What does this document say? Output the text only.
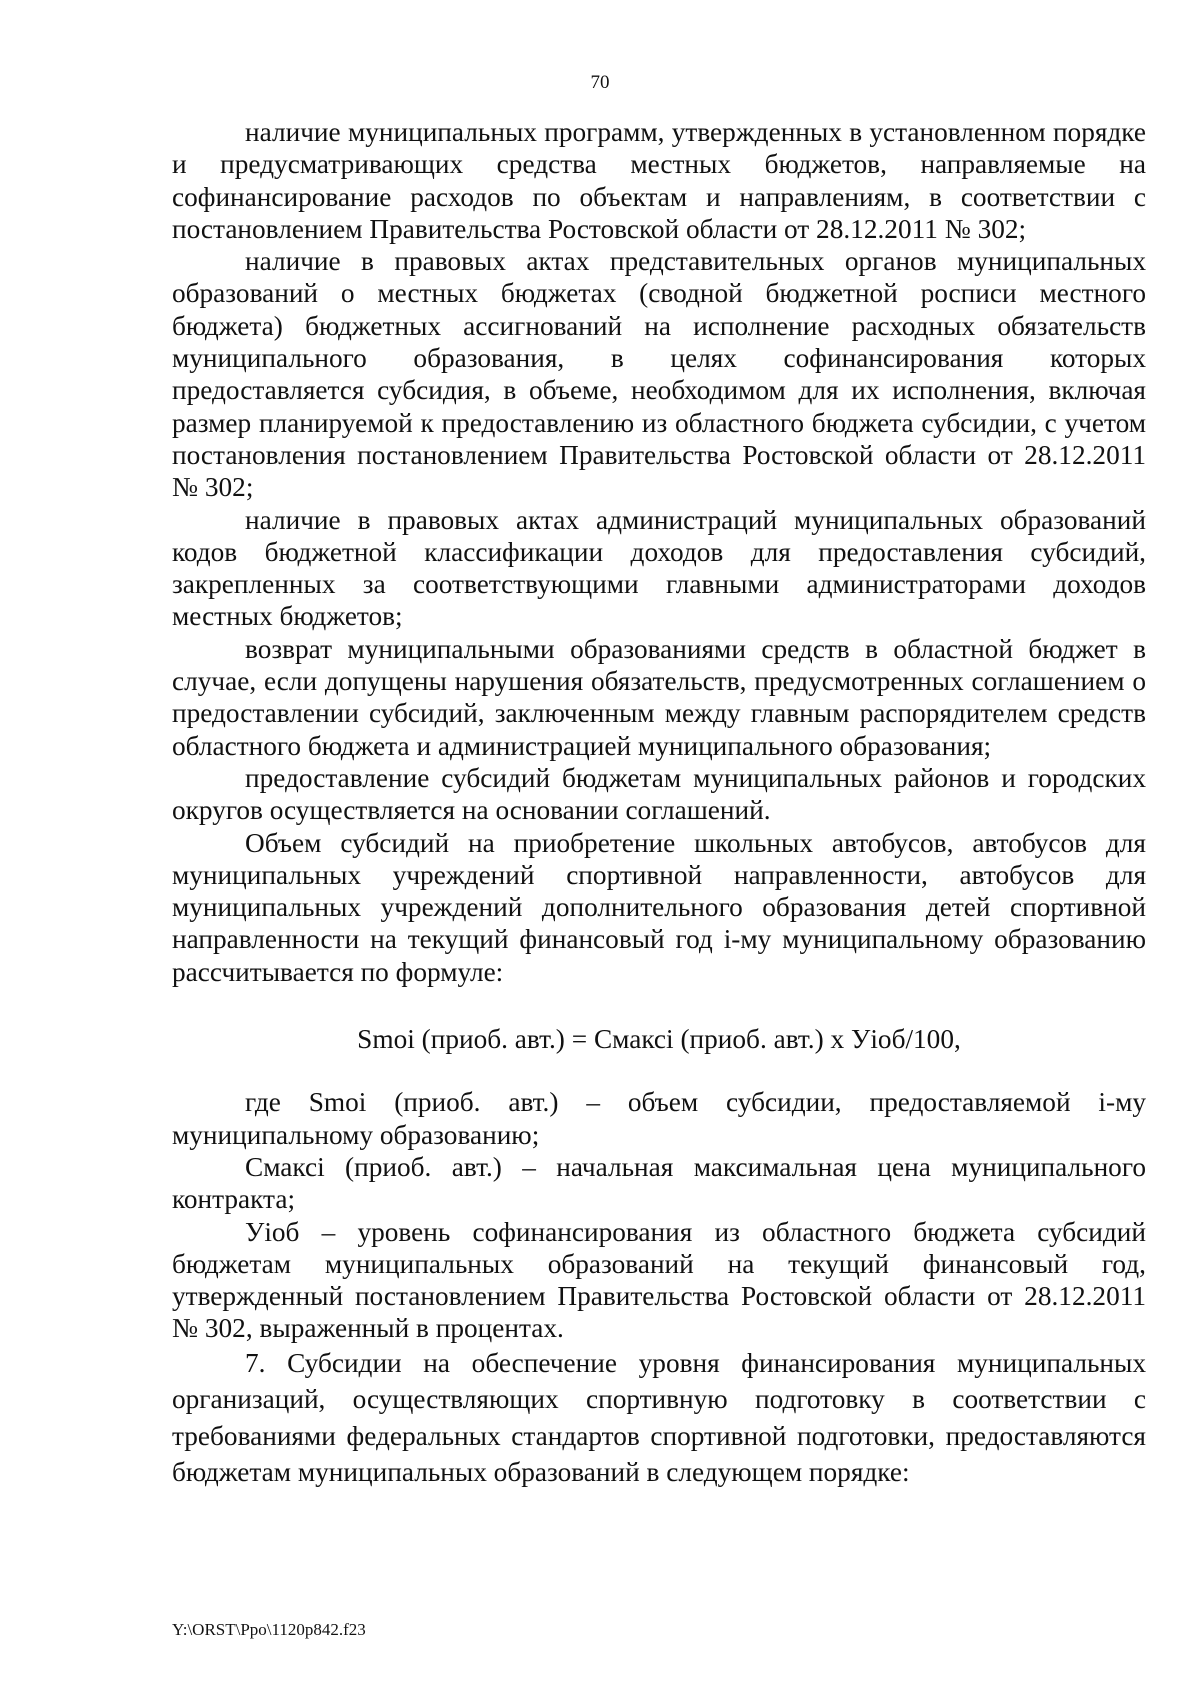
70

наличие муниципальных программ, утвержденных в установленном порядке и предусматривающих средства местных бюджетов, направляемые на софинансирование расходов по объектам и направлениям, в соответствии с постановлением Правительства Ростовской области от 28.12.2011 № 302;

наличие в правовых актах представительных органов муниципальных образований о местных бюджетах (сводной бюджетной росписи местного бюджета) бюджетных ассигнований на исполнение расходных обязательств муниципального образования, в целях софинансирования которых предоставляется субсидия, в объеме, необходимом для их исполнения, включая размер планируемой к предоставлению из областного бюджета субсидии, с учетом постановления постановлением Правительства Ростовской области от 28.12.2011 № 302;

наличие в правовых актах администраций муниципальных образований кодов бюджетной классификации доходов для предоставления субсидий, закрепленных за соответствующими главными администраторами доходов местных бюджетов;

возврат муниципальными образованиями средств в областной бюджет в случае, если допущены нарушения обязательств, предусмотренных соглашением о предоставлении субсидий, заключенным между главным распорядителем средств областного бюджета и администрацией муниципального образования;

предоставление субсидий бюджетам муниципальных районов и городских округов осуществляется на основании соглашений.

Объем субсидий на приобретение школьных автобусов, автобусов для муниципальных учреждений спортивной направленности, автобусов для муниципальных учреждений дополнительного образования детей спортивной направленности на текущий финансовый год i-му муниципальному образованию рассчитывается по формуле:

Smoi (приоб. авт.) = Cмаксi (приоб. авт.) х Уiоб/100,

где Smoi (приоб. авт.) – объем субсидии, предоставляемой i-му муниципальному образованию;

Cмаксi (приоб. авт.) – начальная максимальная цена муниципального контракта;

Уiоб – уровень софинансирования из областного бюджета субсидий бюджетам муниципальных образований на текущий финансовый год, утвержденный постановлением Правительства Ростовской области от 28.12.2011 № 302, выраженный в процентах.

7. Субсидии на обеспечение уровня финансирования муниципальных организаций, осуществляющих спортивную подготовку в соответствии с требованиями федеральных стандартов спортивной подготовки, предоставляются бюджетам муниципальных образований в следующем порядке:

Y:\ORST\Ppo\1120p842.f23
